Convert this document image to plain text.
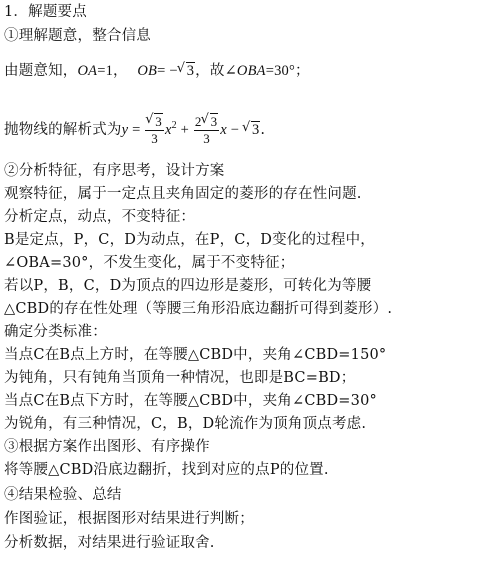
1．解题要点
①理解题意，整合信息
由题意知，OA=1， OB= − √ 3，故∠OBA=30°；
抛物线的解析式为y = √ $\frac{3}{3} x^2 + \frac{2 √ 3}{3}$ x − √ 3.
②分析特征，有序思考，设计方案
观察特征，属于一定点且夹角固定的菱形的存在性问题.
分析定点，动点，不变特征：
B是定点，P，C，D为动点，在P，C，D变化的过程中，
∠OBA=30°，不发生变化，属于不变特征；
若以P，B，C，D为顶点的四边形是菱形，可转化为等腰
△CBD的存在性处理（等腰三角形沿底边翻折可得到菱形）.
确定分类标准：
当点C在B点上方时，在等腰△CBD中，夹角∠CBD=150°
为钝角，只有钝角当顶角一种情况，也即是BC=BD；
当点C在B点下方时，在等腰△CBD中，夹角∠CBD=30°
为锐角，有三种情况，C，B，D轮流作为顶角顶点考虑.
③根据方案作出图形、有序操作
将等腰△CBD沿底边翻折，找到对应的点P的位置.
④结果检验、总结
作图验证，根据图形对结果进行判断；
分析数据，对结果进行验证取舍.
